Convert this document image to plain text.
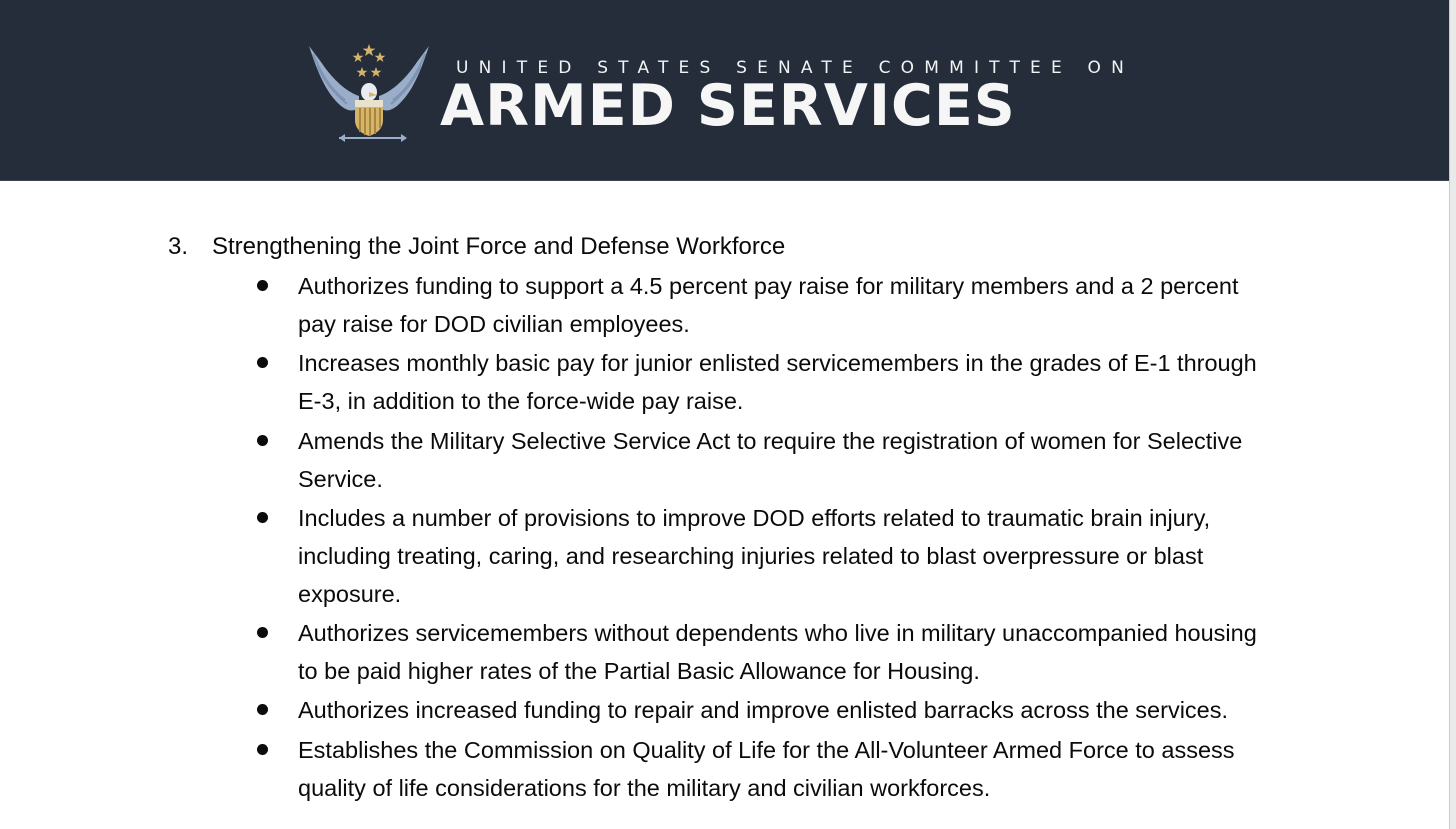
UNITED STATES SENATE COMMITTEE ON
ARMED SERVICES
3. Strengthening the Joint Force and Defense Workforce
Authorizes funding to support a 4.5 percent pay raise for military members and a 2 percent pay raise for DOD civilian employees.
Increases monthly basic pay for junior enlisted servicemembers in the grades of E-1 through E-3, in addition to the force-wide pay raise.
Amends the Military Selective Service Act to require the registration of women for Selective Service.
Includes a number of provisions to improve DOD efforts related to traumatic brain injury, including treating, caring, and researching injuries related to blast overpressure or blast exposure.
Authorizes servicemembers without dependents who live in military unaccompanied housing to be paid higher rates of the Partial Basic Allowance for Housing.
Authorizes increased funding to repair and improve enlisted barracks across the services.
Establishes the Commission on Quality of Life for the All-Volunteer Armed Force to assess quality of life considerations for the military and civilian workforces.
